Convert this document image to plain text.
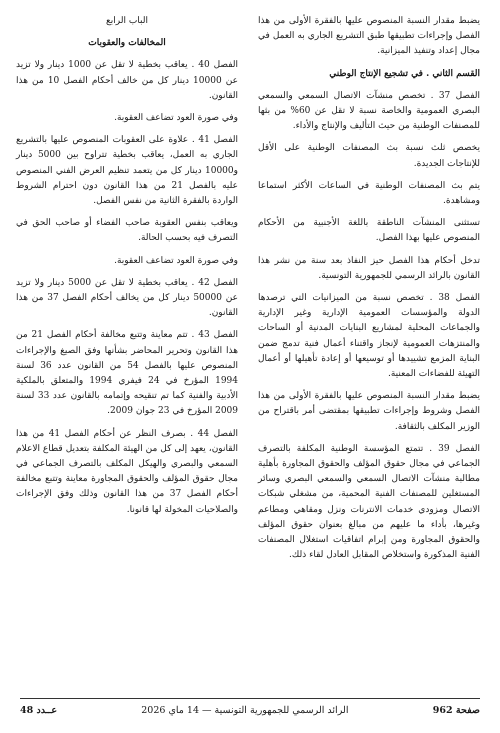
يضبط مقدار النسبة المنصوص عليها بالفقرة الأولى من هذا الفصل وإجراءات تطبيقها طبق التشريع الجاري به العمل في مجال إعداد وتنفيذ الميزانية.

القسم الثاني . في تشجيع الإنتاج الوطني

الفصل 37 . تخصص منشآت الاتصال السمعي والسمعي البصري العمومية والخاصة نسبة لا تقل عن 60% من بثها للمصنفات الوطنية من حيث التأليف والإنتاج والأداء.

يخصص ثلث نسبة بث المصنفات الوطنية على الأقل للإنتاجات الجديدة.

يتم بث المصنفات الوطنية في الساعات الأكثر استماعا ومشاهدة.

تستثنى المنشآت الناطقة باللغة الأجنبية من الأحكام المنصوص عليها بهذا الفصل.

تدخل أحكام هذا الفصل حيز النفاذ بعد سنة من نشر هذا القانون بالرائد الرسمي للجمهورية التونسية.

الفصل 38 . تخصص نسبة من الميزانيات التي ترصدها الدولة والمؤسسات العمومية الإدارية وغير الإدارية والجماعات المحلية لمشاريع البنايات المدنية أو الساحات والمنتزهات العمومية لإنجاز واقتناء أعمال فنية تدمج ضمن البناية المزمع تشييدها أو توسيعها أو إعادة تأهيلها أو أعمال التهيئة للفضاءات المعنية.

يضبط مقدار النسبة المنصوص عليها بالفقرة الأولى من هذا الفصل وشروط وإجراءات تطبيقها بمقتضى أمر باقتراح من الوزير المكلف بالثقافة.

الفصل 39 . تتمتع المؤسسة الوطنية المكلفة بالتصرف الجماعي في مجال حقوق المؤلف والحقوق المجاورة بأهلية مطالبة منشآت الاتصال السمعي والسمعي البصري وسائر المستغلين للمصنفات الفنية المحمية، من مشغلي شبكات الاتصال ومزودي خدمات الانترنات ونزل ومقاهي ومطاعم وغيرها، بأداء ما عليهم من مبالغ بعنوان حقوق المؤلف والحقوق المجاورة ومن إبرام اتفاقيات استغلال المصنفات الفنية المذكورة واستخلاص المقابل العادل لقاء ذلك.

الباب الرابع

المخالفات والعقوبات

الفصل 40 . يعاقب بخطية لا تقل عن 1000 دينار ولا تزيد عن 10000 دينار كل من خالف أحكام الفصل 10 من هذا القانون.

وفي صورة العود تضاعف العقوبة.

الفصل 41 . علاوة على العقوبات المنصوص عليها بالتشريع الجاري به العمل، يعاقب بخطية تتراوح بين 5000 دينار و10000 دينار كل من يتعمد تنظيم العرض الفني المنصوص عليه بالفصل 21 من هذا القانون دون احترام الشروط الواردة بالفقرة الثانية من نفس الفصل.

ويعاقب بنفس العقوبة صاحب الفضاء أو صاحب الحق في التصرف فيه بحسب الحالة.

وفي صورة العود تضاعف العقوبة.

الفصل 42 . يعاقب بخطية لا تقل عن 5000 دينار ولا تزيد عن 50000 دينار كل من يخالف أحكام الفصل 37 من هذا القانون.

الفصل 43 . تتم معاينة وتتبع مخالفة أحكام الفصل 21 من هذا القانون وتحرير المحاضر بشأنها وفق الصيغ والإجراءات المنصوص عليها بالفصل 54 من القانون عدد 36 لسنة 1994 المؤرخ في 24 فيفري 1994 والمتعلق بالملكية الأدبية والفنية كما تم تنقيحه وإتمامه بالقانون عدد 33 لسنة 2009 المؤرخ في 23 جوان 2009.

الفصل 44 . بصرف النظر عن أحكام الفصل 41 من هذا القانون، يعهد إلى كل من الهيئة المكلفة بتعديل قطاع الاعلام السمعي والبصري والهيكل المكلف بالتصرف الجماعي في مجال حقوق المؤلف والحقوق المجاورة معاينة وتتبع مخالفة أحكام الفصل 37 من هذا القانون وذلك وفق الإجراءات والصلاحيات المخولة لها قانونا.

صفحة 962
الرائد الرسمي للجمهورية التونسية — 14 ماي 2026
عــدد 48
